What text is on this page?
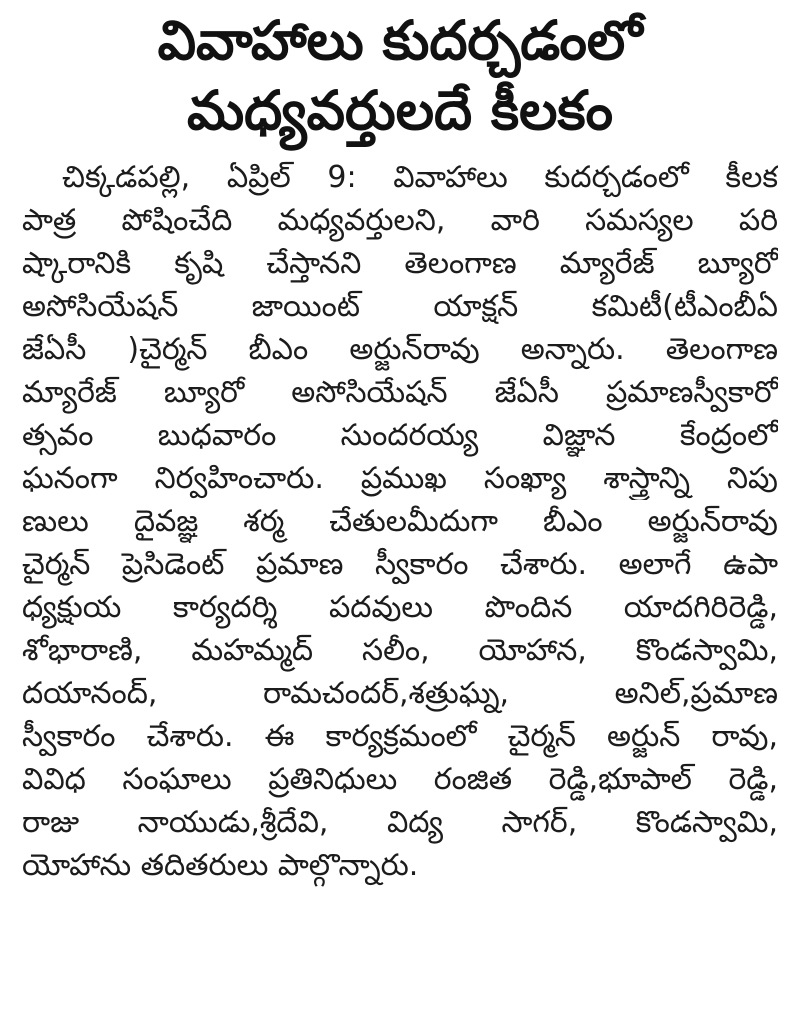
వివాహాలు కుదర్చడంలో
మధ్యవర్తులదే కీలకం
చిక్కడపల్లి, ఏప్రిల్ 9: వివాహాలు కుదర్చడంలో కీలక
పాత్ర పోషించేది మధ్యవర్తులని, వారి సమస్యల పరి
ష్కారానికి కృషి చేస్తానని తెలంగాణ మ్యారేజ్ బ్యూరో
అసోసియేషన్ జాయింట్ యాక్షన్ కమిటీ(టీఎంబీఏ
జేఏసీ )చైర్మన్ బీఎం అర్జున్‌రావు అన్నారు. తెలంగాణ
మ్యారేజ్ బ్యూరో అసోసియేషన్ జేఏసీ ప్రమాణస్వీకారో
త్సవం బుధవారం సుందరయ్య విజ్ఞాన కేంద్రంలో
ఘనంగా నిర్వహించారు. ప్రముఖ సంఖ్యా శాస్త్రాన్ని నిపు
ణులు దైవజ్ఞ శర్మ చేతులమీదుగా బీఎం అర్జున్‌రావు
చైర్మన్ ప్రెసిడెంట్ ప్రమాణ స్వీకారం చేశారు. అలాగే ఉపా
ధ్యక్షుయ కార్యదర్శి పదవులు పొందిన యాదగిరిరెడ్డి,
శోభారాణి, మహమ్మద్ సలీం, యోహాన, కొండస్వామి,
దయానంద్, రామచందర్,శత్రుఘ్న, అనిల్,ప్రమాణ
స్వీకారం చేశారు. ఈ కార్యక్రమంలో చైర్మన్ అర్జున్ రావు,
వివిధ సంఘాలు ప్రతినిధులు రంజిత రెడ్డి,భూపాల్ రెడ్డి,
రాజు నాయుడు,శ్రీదేవి, విద్య సాగర్, కొండస్వామి,
యోహాను తదితరులు పాల్గొన్నారు.
